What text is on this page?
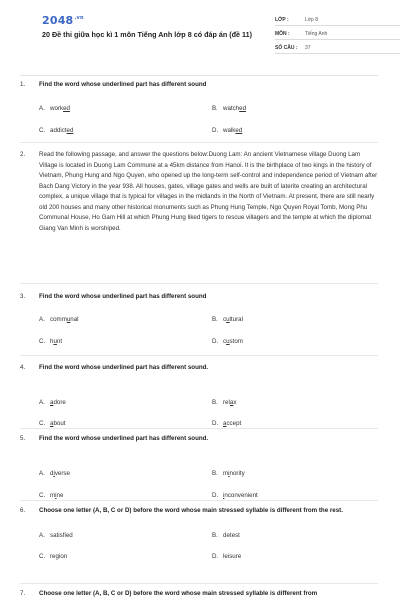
$2048^{.vn}$
20 Đề thi giữa học kì 1 môn Tiếng Anh lớp 8 có đáp án (đề 11)
LỚP :	Lớp 8
MÔN :	Tiếng Anh
SỐ CÂU :	37
1.	Find the word whose underlined part has different sound
A. worked	B. watched
C. addicted	D. walked
2.	Read the following passage, and answer the questions below:Duong Lam: An ancient Vietnamese village Duong Lam Village is located in Duong Lam Commune at a 45km distance from Hanoi. It is the birthplace of two kings in the history of Vietnam, Phung Hung and Ngo Quyen, who opened up the long-term self-control and independence period of Vietnam after Bach Dang Victory in the year 938. All houses, gates, village gates and wells are built of laterite creating an architectural complex, a unique village that is typical for villages in the midlands in the North of Vietnam. At present, there are still nearly old 200 houses and many other historical monuments such as Phung Hung Temple, Ngo Quyen Royal Tomb, Mong Phu Communal House, Ho Gam Hill at which Phung Hung liked tigers to rescue villagers and the temple at which the diplomat Giang Van Minh is worshiped.
3.	Find the word whose underlined part has different sound
A. communal	B. cultural
C. hunt	D. custom
4.	Find the word whose underlined part has different sound.
A. adore	B. relax
C. about	D. accept
5.	Find the word whose underlined part has different sound.
A. diverse	B. minority
C. mine	D. inconvenient
6.	Choose one letter (A, B, C or D) before the word whose main stressed syllable is different from the rest.
A. satisfied	B. detest
C. region	D. leisure
7.	Choose one letter (A, B, C or D) before the word whose main stressed syllable is different from
